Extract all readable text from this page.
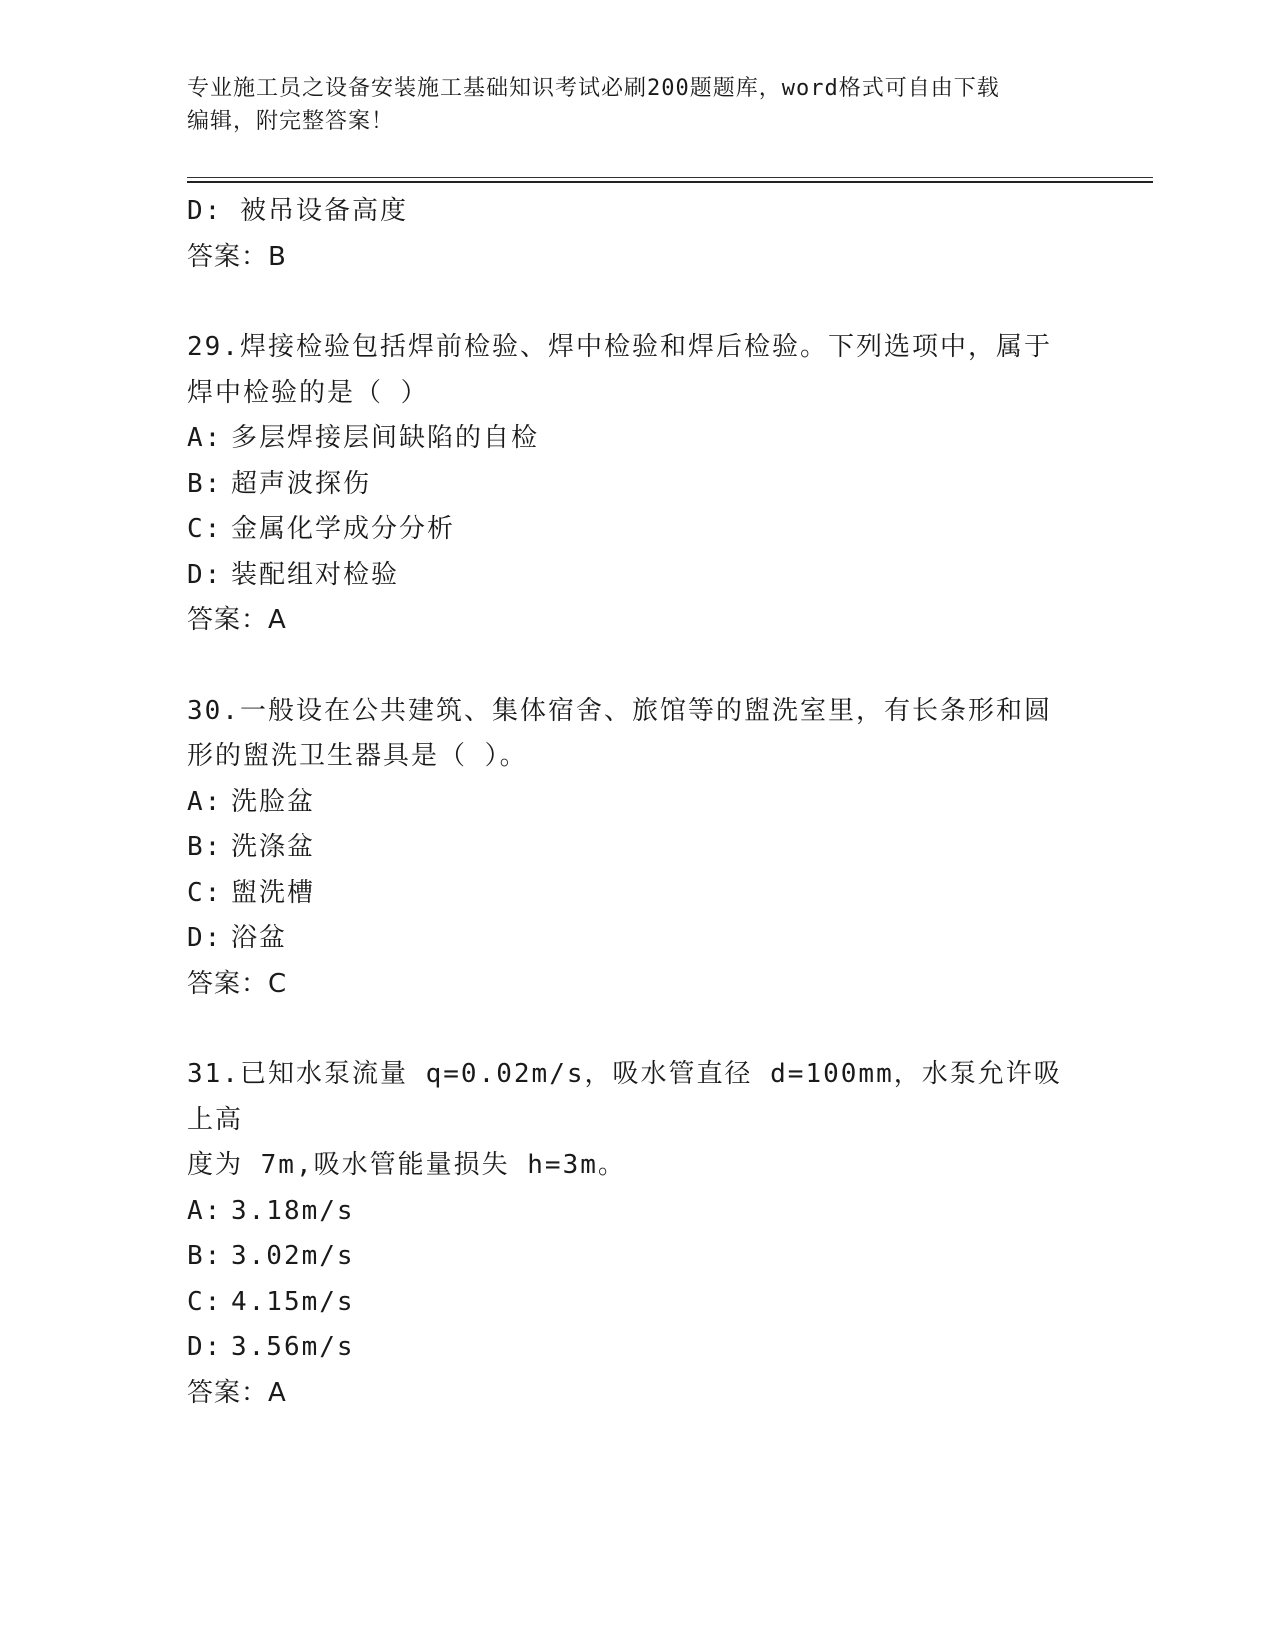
专业施工员之设备安装施工基础知识考试必刷200题题库，word格式可自由下载
编辑，附完整答案！
D: 被吊设备高度
答案：B
29.焊接检验包括焊前检验、焊中检验和焊后检验。下列选项中，属于
焊中检验的是（ ）
A: 多层焊接层间缺陷的自检
B: 超声波探伤
C: 金属化学成分分析
D: 装配组对检验
答案：A
30.一般设在公共建筑、集体宿舍、旅馆等的盥洗室里，有长条形和圆
形的盥洗卫生器具是（ ）。
A: 洗脸盆
B: 洗涤盆
C: 盥洗槽
D: 浴盆
答案：C
31.已知水泵流量 q=0.02m/s，吸水管直径 d=100mm，水泵允许吸上高
度为 7m,吸水管能量损失 h=3m。
A: 3.18m/s
B: 3.02m/s
C: 4.15m/s
D: 3.56m/s
答案：A
